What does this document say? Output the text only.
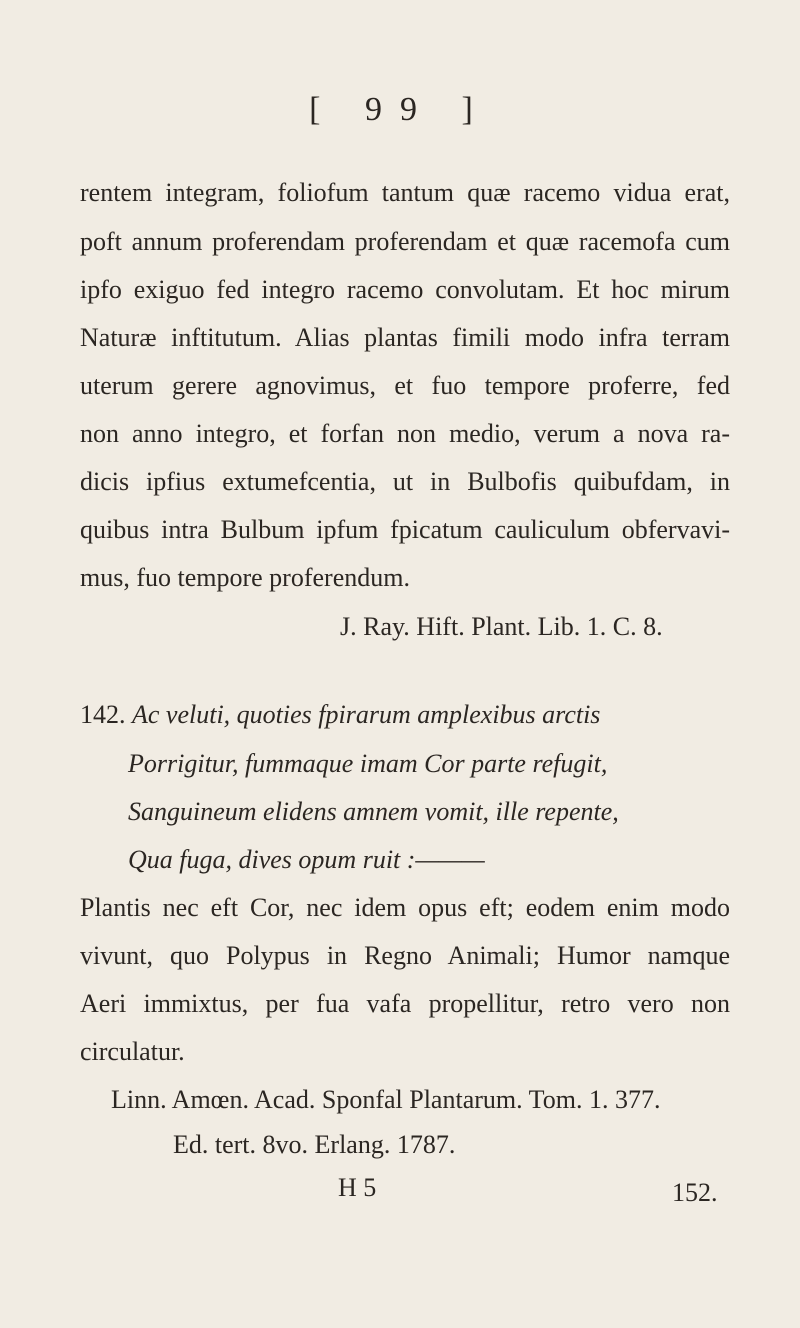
[ 99 ]
rentem integram, foliofum tantum quæ racemo vidua erat,
poft annum proferendam proferendam et quæ racemofa cum
ipfo exiguo fed integro racemo convolutam. Et hoc mirum
Naturæ inftitutum. Alias plantas fimili modo infra terram
uterum gerere agnovimus, et fuo tempore proferre, fed
non anno integro, et forfan non medio, verum a nova ra-
dicis ipfius extumefcentia, ut in Bulbofis quibufdam, in
quibus intra Bulbum ipfum fpicatum cauliculum obfervavi-
mus, fuo tempore proferendum.
J. Ray. Hift. Plant. Lib. 1. C. 8.
142. Ac veluti, quoties fpirarum amplexibus arctis
Porrigitur, fummaque imam Cor parte refugit,
Sanguineum elidens amnem vomit, ille repente,
Qua fuga, dives opum ruit :———
Plantis nec eft Cor, nec idem opus eft; eodem enim modo
vivunt, quo Polypus in Regno Animali; Humor namque
Aeri immixtus, per fua vafa propellitur, retro vero non
circulatur.
Linn. Amœn. Acad. Sponfal Plantarum. Tom. 1. 377.
Ed. tert. 8vo. Erlang. 1787.
H 5	152.
